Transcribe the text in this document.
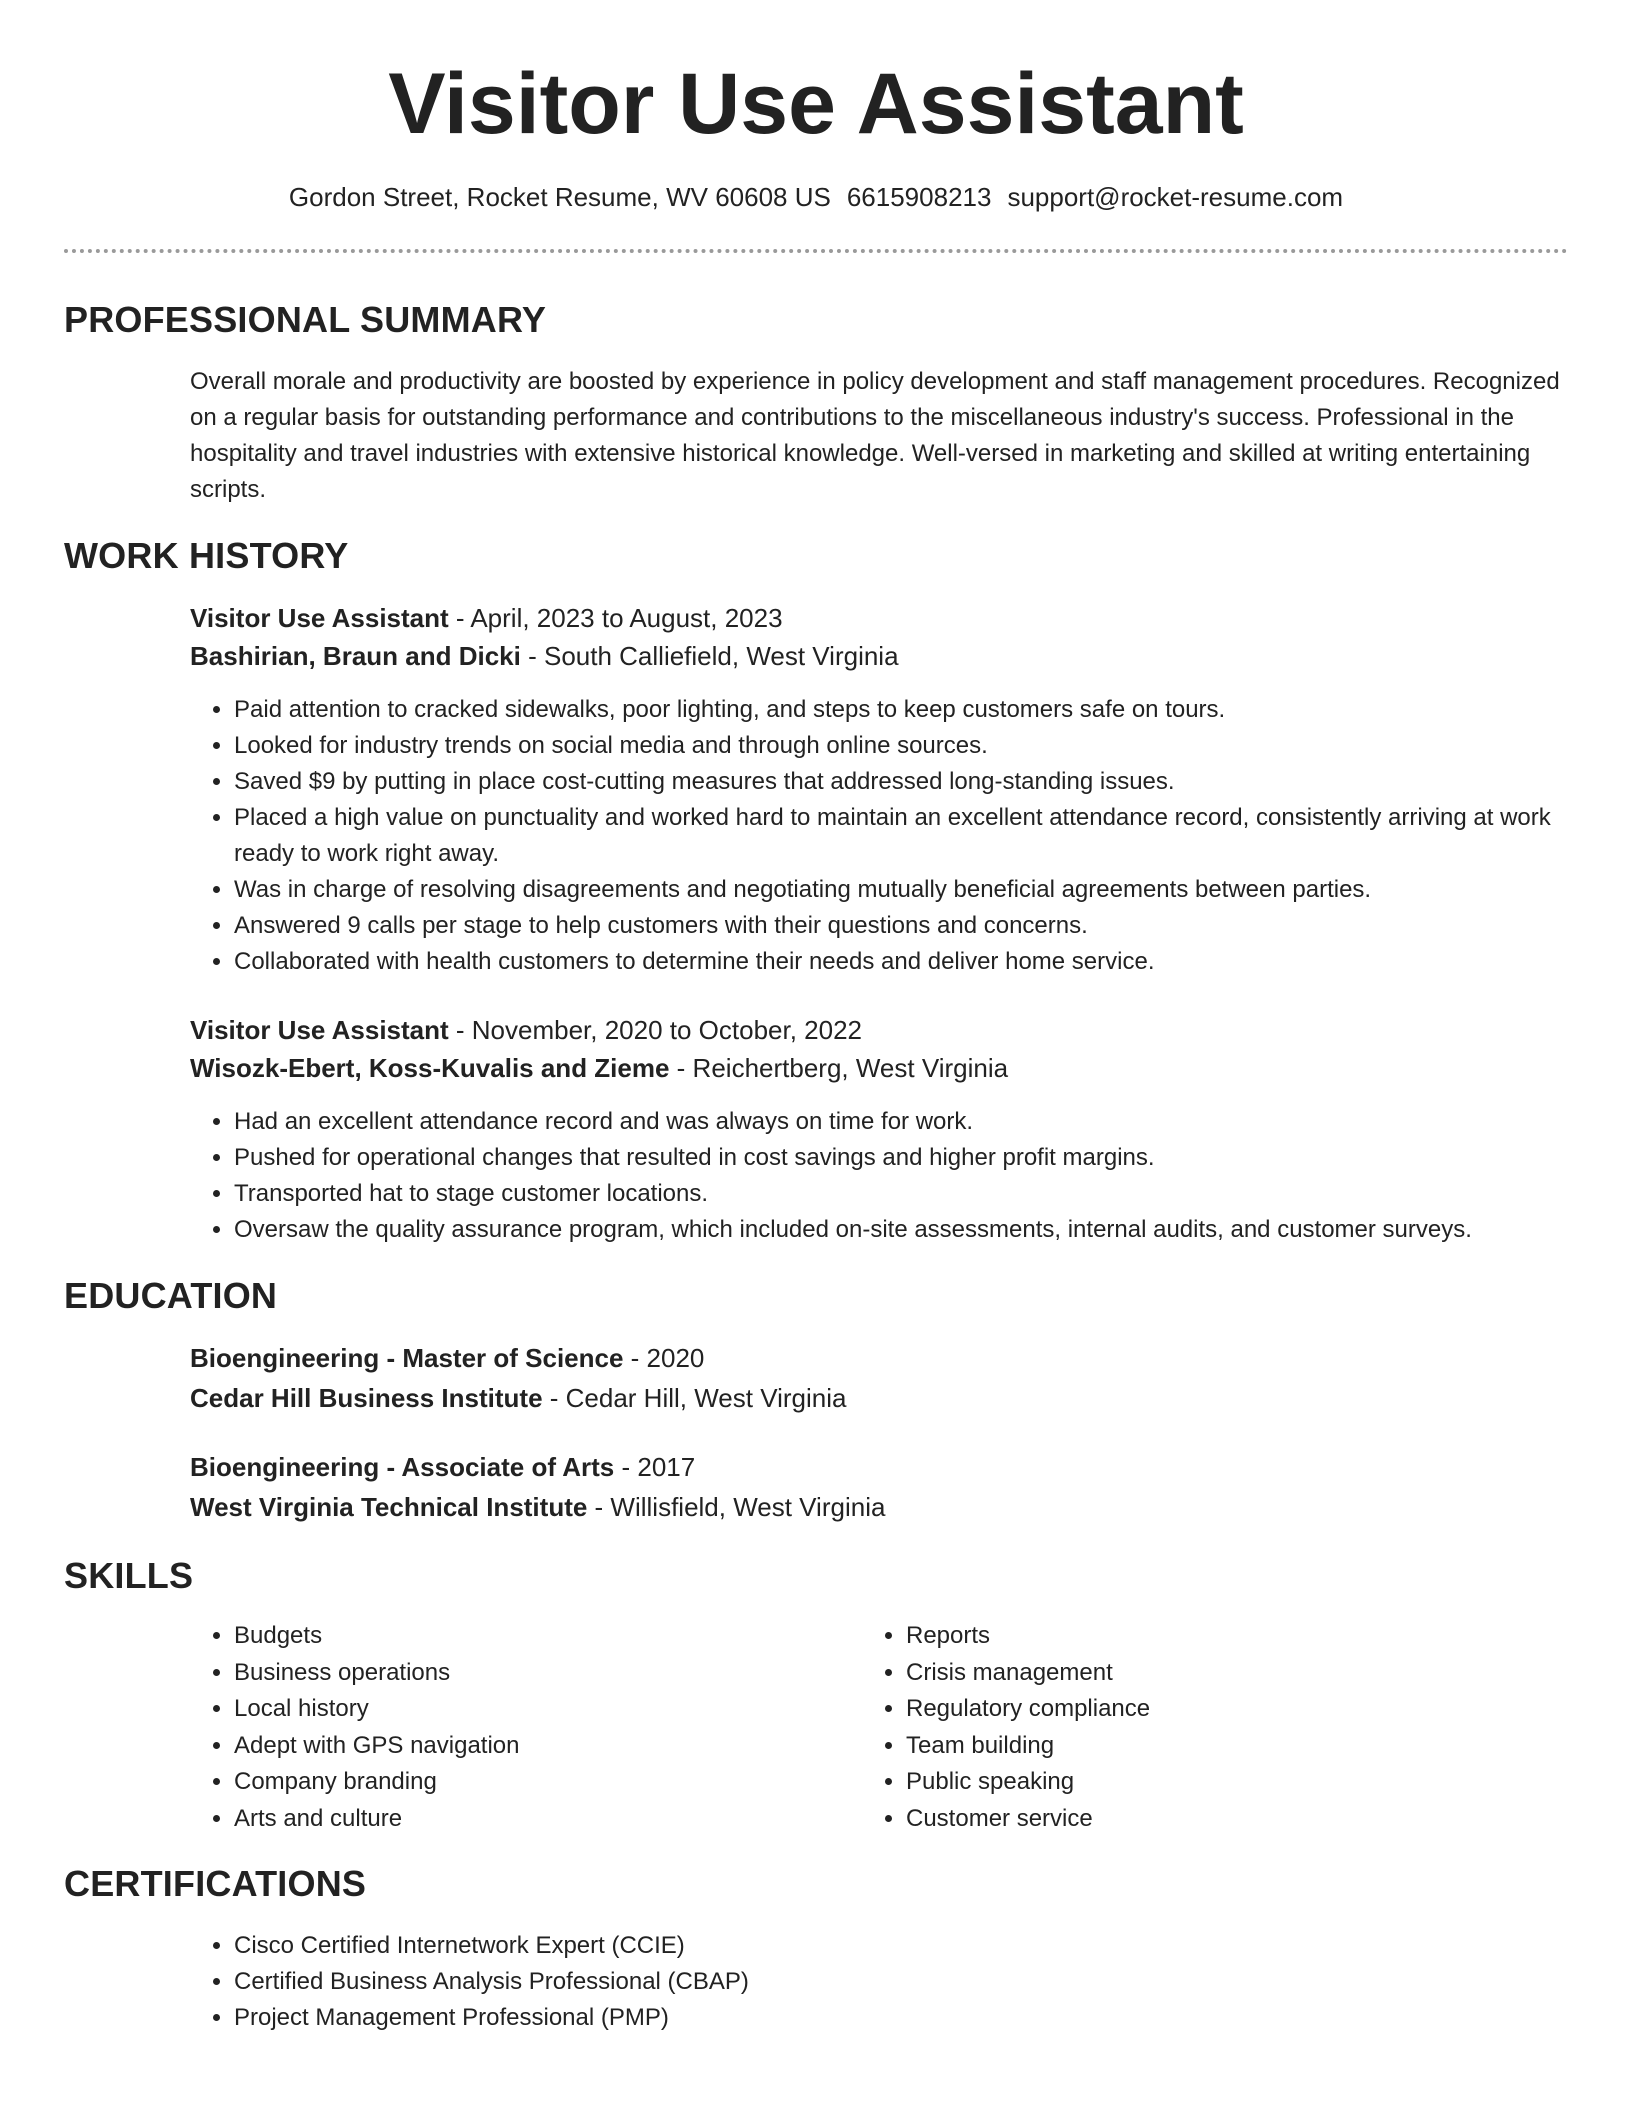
Visitor Use Assistant
Gordon Street, Rocket Resume, WV 60608 US 6615908213 support@rocket-resume.com
PROFESSIONAL SUMMARY

Overall morale and productivity are boosted by experience in policy development and staff management procedures. Recognized on a regular basis for outstanding performance and contributions to the miscellaneous industry's success. Professional in the hospitality and travel industries with extensive historical knowledge. Well-versed in marketing and skilled at writing entertaining scripts.

WORK HISTORY
Visitor Use Assistant - April, 2023 to August, 2023
Bashirian, Braun and Dicki - South Calliefield, West Virginia
• Paid attention to cracked sidewalks, poor lighting, and steps to keep customers safe on tours.
• Looked for industry trends on social media and through online sources.
• Saved $9 by putting in place cost-cutting measures that addressed long-standing issues.
• Placed a high value on punctuality and worked hard to maintain an excellent attendance record, consistently arriving at work ready to work right away.
• Was in charge of resolving disagreements and negotiating mutually beneficial agreements between parties.
• Answered 9 calls per stage to help customers with their questions and concerns.
• Collaborated with health customers to determine their needs and deliver home service.
Visitor Use Assistant - November, 2020 to October, 2022
Wisozk-Ebert, Koss-Kuvalis and Zieme - Reichertberg, West Virginia
• Had an excellent attendance record and was always on time for work.
• Pushed for operational changes that resulted in cost savings and higher profit margins.
• Transported hat to stage customer locations.
• Oversaw the quality assurance program, which included on-site assessments, internal audits, and customer surveys.
EDUCATION
Bioengineering - Master of Science - 2020
Cedar Hill Business Institute - Cedar Hill, West Virginia
Bioengineering - Associate of Arts - 2017
West Virginia Technical Institute - Willisfield, West Virginia
SKILLS
• Budgets
• Business operations
• Local history
• Adept with GPS navigation
• Company branding
• Arts and culture
• Reports
• Crisis management
• Regulatory compliance
• Team building
• Public speaking
• Customer service
CERTIFICATIONS
• Cisco Certified Internetwork Expert (CCIE)
• Certified Business Analysis Professional (CBAP)
• Project Management Professional (PMP)
